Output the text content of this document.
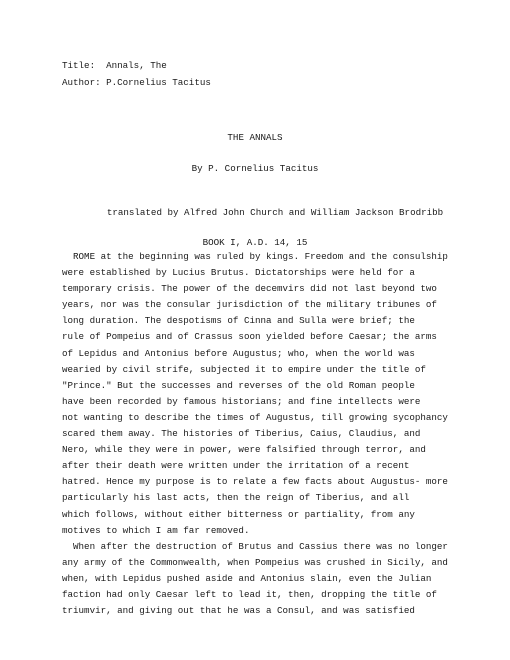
Title:  Annals, The
Author: P.Cornelius Tacitus
THE ANNALS
By P. Cornelius Tacitus
translated by Alfred John Church and William Jackson Brodribb
BOOK I, A.D. 14, 15
ROME at the beginning was ruled by kings. Freedom and the consulship
were established by Lucius Brutus. Dictatorships were held for a
temporary crisis. The power of the decemvirs did not last beyond two
years, nor was the consular jurisdiction of the military tribunes of
long duration. The despotisms of Cinna and Sulla were brief; the
rule of Pompeius and of Crassus soon yielded before Caesar; the arms
of Lepidus and Antonius before Augustus; who, when the world was
wearied by civil strife, subjected it to empire under the title of
"Prince." But the successes and reverses of the old Roman people
have been recorded by famous historians; and fine intellects were
not wanting to describe the times of Augustus, till growing sycophancy
scared them away. The histories of Tiberius, Caius, Claudius, and
Nero, while they were in power, were falsified through terror, and
after their death were written under the irritation of a recent
hatred. Hence my purpose is to relate a few facts about Augustus- more
particularly his last acts, then the reign of Tiberius, and all
which follows, without either bitterness or partiality, from any
motives to which I am far removed.
When after the destruction of Brutus and Cassius there was no longer
any army of the Commonwealth, when Pompeius was crushed in Sicily, and
when, with Lepidus pushed aside and Antonius slain, even the Julian
faction had only Caesar left to lead it, then, dropping the title of
triumvir, and giving out that he was a Consul, and was satisfied
